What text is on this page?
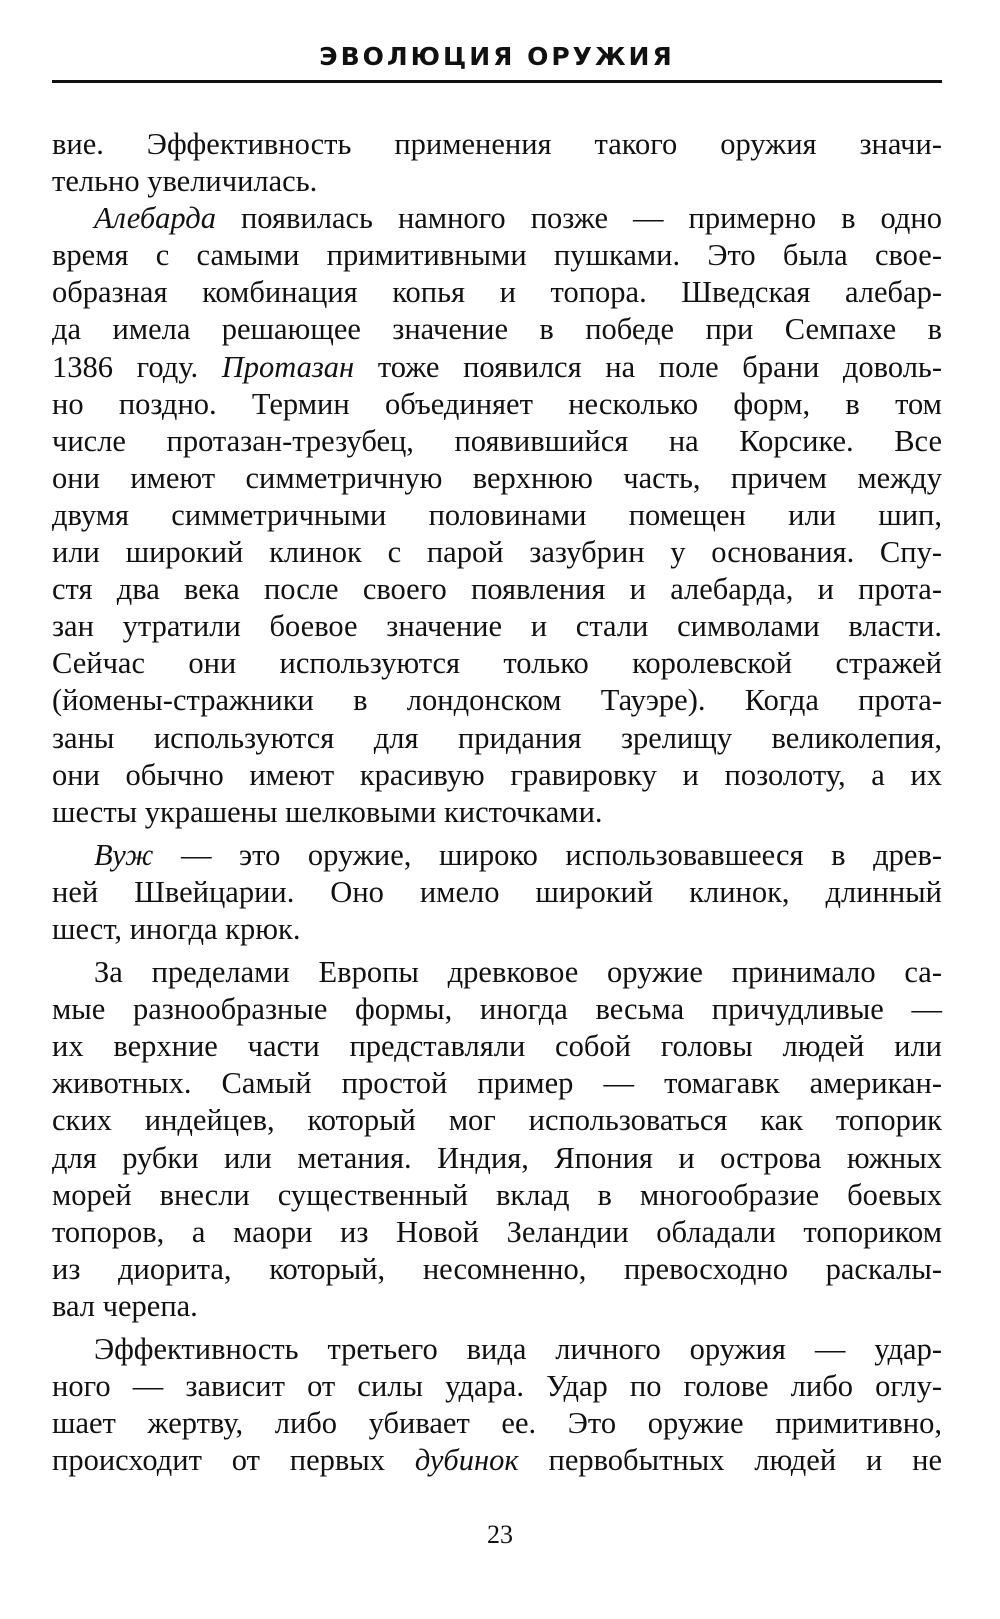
ЭВОЛЮЦИЯ ОРУЖИЯ
вие. Эффективность применения такого оружия значи-
тельно увеличилась.
Алебарда появилась намного позже — примерно в одно
время с самыми примитивными пушками. Это была свое-
образная комбинация копья и топора. Шведская алебар-
да имела решающее значение в победе при Семпахе в
1386 году. Протазан тоже появился на поле брани доволь-
но поздно. Термин объединяет несколько форм, в том
числе протазан-трезубец, появившийся на Корсике. Все
они имеют симметричную верхнюю часть, причем между
двумя симметричными половинами помещен или шип,
или широкий клинок с парой зазубрин у основания. Спу-
стя два века после своего появления и алебарда, и прота-
зан утратили боевое значение и стали символами власти.
Сейчас они используются только королевской стражей
(йомены-стражники в лондонском Тауэре). Когда прота-
заны используются для придания зрелищу великолепия,
они обычно имеют красивую гравировку и позолоту, а их
шесты украшены шелковыми кисточками.
Вуж — это оружие, широко использовавшееся в древ-
ней Швейцарии. Оно имело широкий клинок, длинный
шест, иногда крюк.
За пределами Европы древковое оружие принимало са-
мые разнообразные формы, иногда весьма причудливые —
их верхние части представляли собой головы людей или
животных. Самый простой пример — томагавк американ-
ских индейцев, который мог использоваться как топорик
для рубки или метания. Индия, Япония и острова южных
морей внесли существенный вклад в многообразие боевых
топоров, а маори из Новой Зеландии обладали топориком
из диорита, который, несомненно, превосходно раскалы-
вал черепа.
Эффективность третьего вида личного оружия — удар-
ного — зависит от силы удара. Удар по голове либо оглу-
шает жертву, либо убивает ее. Это оружие примитивно,
происходит от первых дубинок первобытных людей и не
23
